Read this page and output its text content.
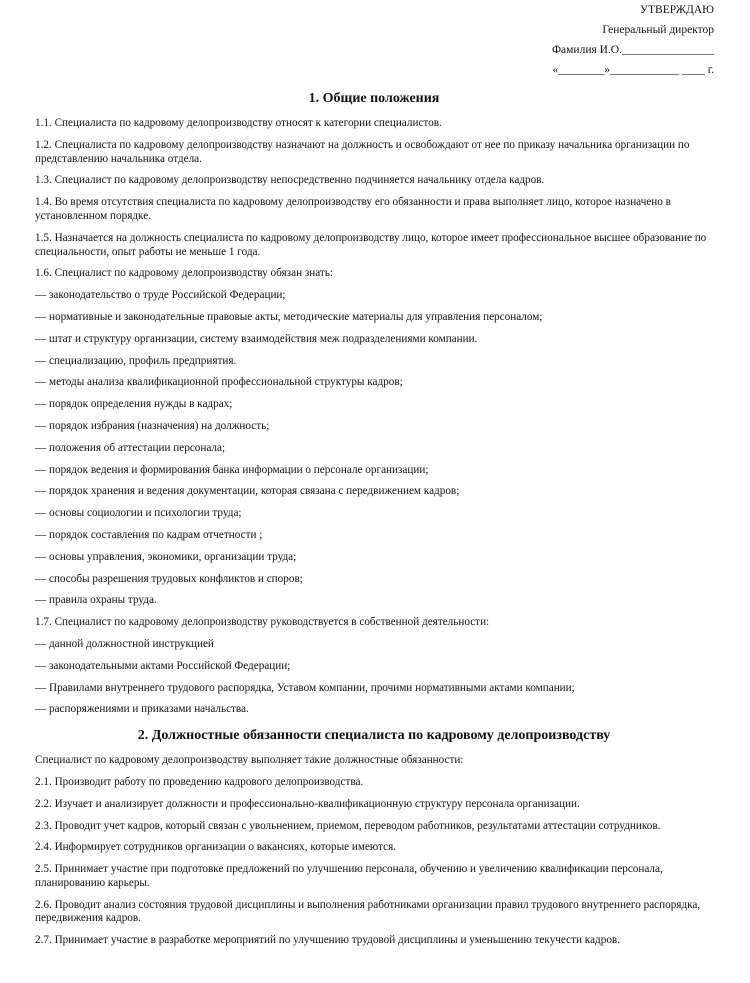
УТВЕРЖДАЮ
Генеральный директор
Фамилия И.О.________________
«________»____________ ____ г.
1. Общие положения

1.1. Специалиста по кадровому делопроизводству относят к категории специалистов.

1.2. Специалиста по кадровому делопроизводству назначают на должность и освобождают от нее по приказу начальника организации по представлению начальника отдела.

1.3. Специалист по кадровому делопроизводству непосредственно подчиняется начальнику отдела кадров.

1.4. Во время отсутствия специалиста по кадровому делопроизводству его обязанности и права выполняет лицо, которое назначено в установленном порядке.

1.5. Назначается на должность специалиста по кадровому делопроизводству лицо, которое имеет профессиональное высшее образование по специальности, опыт работы не меньше 1 года.

1.6. Специалист по кадровому делопроизводству обязан знать:

— законодательство о труде Российской Федерации;

— нормативные и законодательные правовые акты, методические материалы для управления персоналом;

— штат и структуру организации, систему взаимодействия меж подразделениями компании.

— специализацию, профиль предприятия.

— методы анализа квалификационной профессиональной структуры кадров;

— порядок определения нужды в кадрах;

— порядок избрания (назначения) на должность;

— положения об аттестации персонала;

— порядок ведения и формирования банка информации о персонале организации;

— порядок хранения и ведения документации, которая связана с передвижением кадров;

— основы социологии и психологии труда;

— порядок составления по кадрам отчетности ;

— основы управления, экономики, организации труда;

— способы разрешения трудовых конфликтов и споров;

— правила охраны труда.

1.7. Специалист по кадровому делопроизводству руководствуется в собственной деятельности:

— данной должностной инструкцией

— законодательными актами Российской Федерации;

— Правилами внутреннего трудового распорядка, Уставом компании, прочими нормативными актами компании;

— распоряжениями и приказами начальства.

2. Должностные обязанности специалиста по кадровому делопроизводству

Специалист по кадровому делопроизводству выполняет такие должностные обязанности:

2.1. Производит работу по проведению кадрового делопроизводства.

2.2. Изучает и анализирует должности и профессионально-квалификационную структуру персонала организации.

2.3. Проводит учет кадров, который связан с увольнением, приемом, переводом работников, результатами аттестации сотрудников.

2.4. Информирует сотрудников организации о вакансиях, которые имеются.

2.5. Принимает участие при подготовке предложений по улучшению персонала, обучению и увеличению квалификации персонала, планированию карьеры.

2.6. Проводит анализ состояния трудовой дисциплины и выполнения работниками организации правил трудового внутреннего распорядка, передвижения кадров.

2.7. Принимает участие в разработке мероприятий по улучшению трудовой дисциплины и уменьшению текучести кадров.
